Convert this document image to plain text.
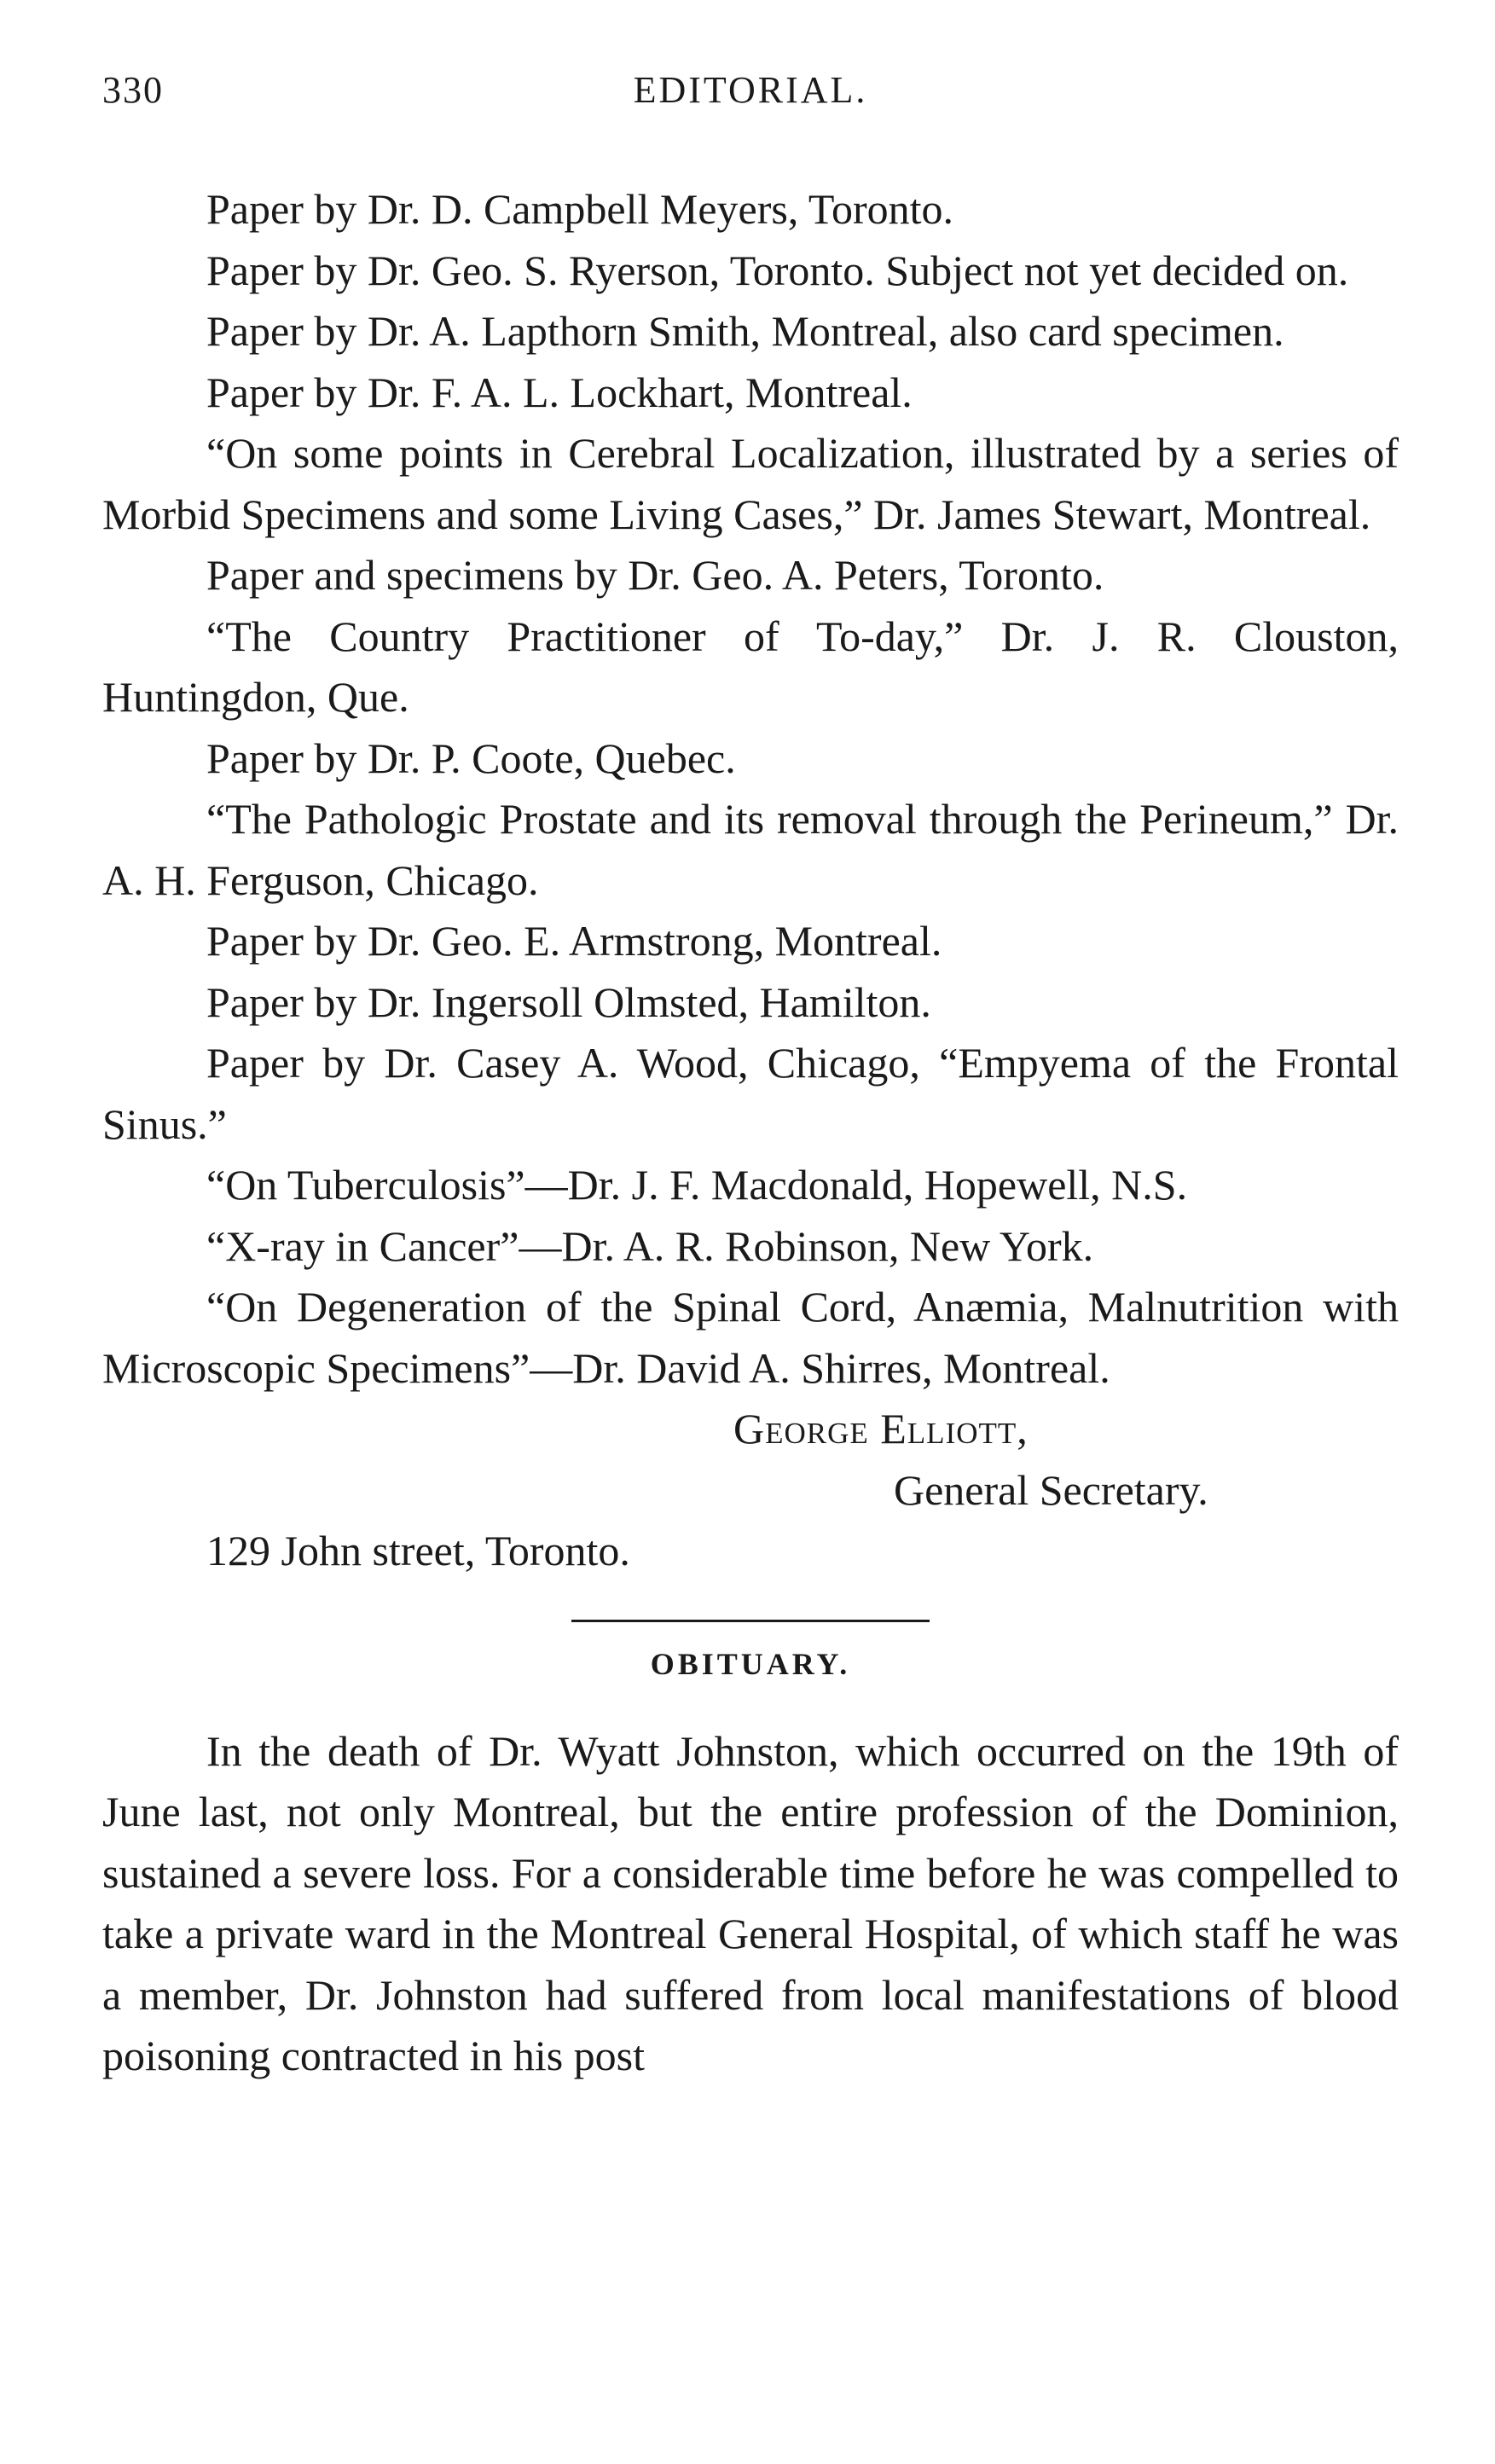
330	EDITORIAL.

Paper by Dr. D. Campbell Meyers, Toronto.

Paper by Dr. Geo. S. Ryerson, Toronto. Subject not yet decided on.

Paper by Dr. A. Lapthorn Smith, Montreal, also card specimen.

Paper by Dr. F. A. L. Lockhart, Montreal.

“On some points in Cerebral Localization, illustrated by a series of Morbid Specimens and some Living Cases,” Dr. James Stewart, Montreal.

Paper and specimens by Dr. Geo. A. Peters, Toronto.

“The Country Practitioner of To-day,” Dr. J. R. Clouston, Huntingdon, Que.

Paper by Dr. P. Coote, Quebec.

“The Pathologic Prostate and its removal through the Perineum,” Dr. A. H. Ferguson, Chicago.

Paper by Dr. Geo. E. Armstrong, Montreal.

Paper by Dr. Ingersoll Olmsted, Hamilton.

Paper by Dr. Casey A. Wood, Chicago, “Empyema of the Frontal Sinus.”

“On Tuberculosis”—Dr. J. F. Macdonald, Hopewell, N.S.

“X-ray in Cancer”—Dr. A. R. Robinson, New York.

“On Degeneration of the Spinal Cord, Anæmia, Malnutrition with Microscopic Specimens”—Dr. David A. Shirres, Montreal.

George Elliott,

General Secretary.

129 John street, Toronto.

OBITUARY.

In the death of Dr. Wyatt Johnston, which occurred on the 19th of June last, not only Montreal, but the entire profession of the Dominion, sustained a severe loss. For a considerable time before he was compelled to take a private ward in the Montreal General Hospital, of which staff he was a member, Dr. Johnston had suffered from local manifestations of blood poisoning contracted in his post
